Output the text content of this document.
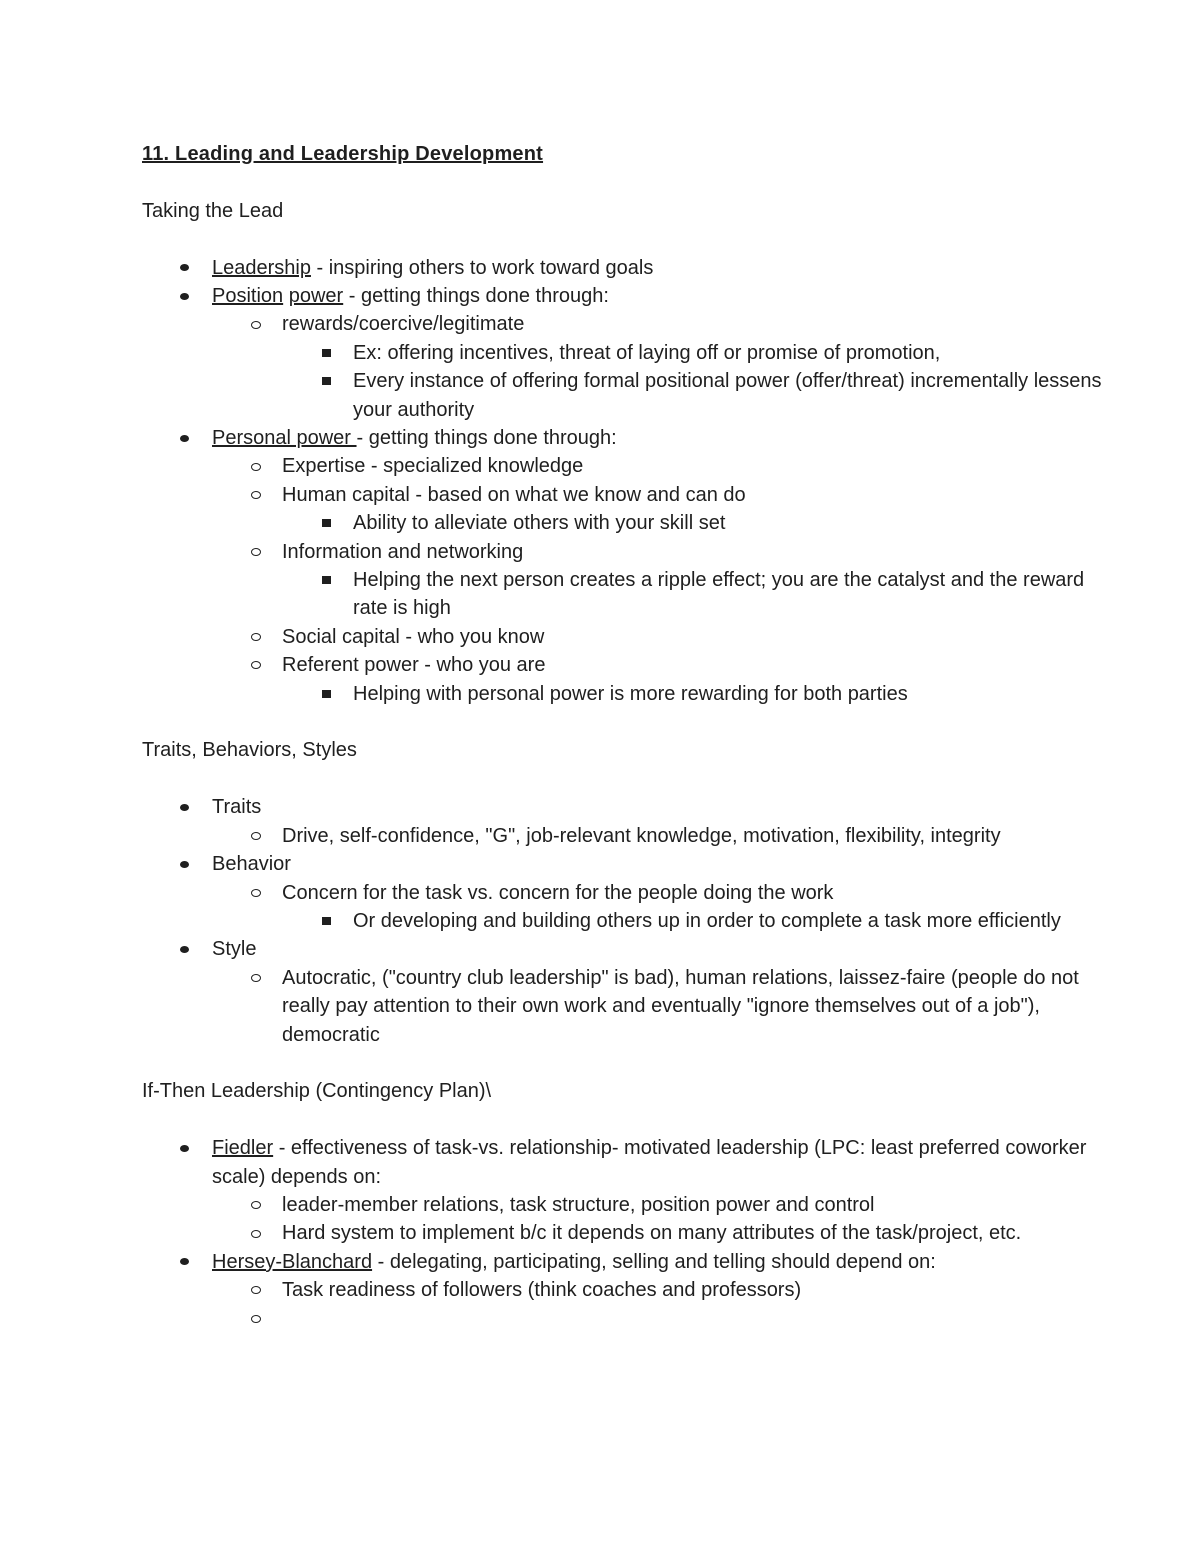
11. Leading and Leadership Development

Taking the Lead

Leadership - inspiring others to work toward goals
Position power - getting things done through:
rewards/coercive/legitimate
Ex: offering incentives, threat of laying off or promise of promotion,
Every instance of offering formal positional power (offer/threat) incrementally lessens your authority
Personal power - getting things done through:
Expertise - specialized knowledge
Human capital - based on what we know and can do
Ability to alleviate others with your skill set
Information and networking
Helping the next person creates a ripple effect; you are the catalyst and the reward rate is high
Social capital - who you know
Referent power - who you are
Helping with personal power is more rewarding for both parties

Traits, Behaviors, Styles

Traits
Drive, self-confidence, "G", job-relevant knowledge, motivation, flexibility, integrity
Behavior
Concern for the task vs. concern for the people doing the work
Or developing and building others up in order to complete a task more efficiently
Style
Autocratic, ("country club leadership" is bad), human relations, laissez-faire (people do not really pay attention to their own work and eventually "ignore themselves out of a job"), democratic

If-Then Leadership (Contingency Plan)\

Fiedler - effectiveness of task-vs. relationship- motivated leadership (LPC: least preferred coworker scale) depends on:
leader-member relations, task structure, position power and control
Hard system to implement b/c it depends on many attributes of the task/project, etc.
Hersey-Blanchard - delegating, participating, selling and telling should depend on:
Task readiness of followers (think coaches and professors)
